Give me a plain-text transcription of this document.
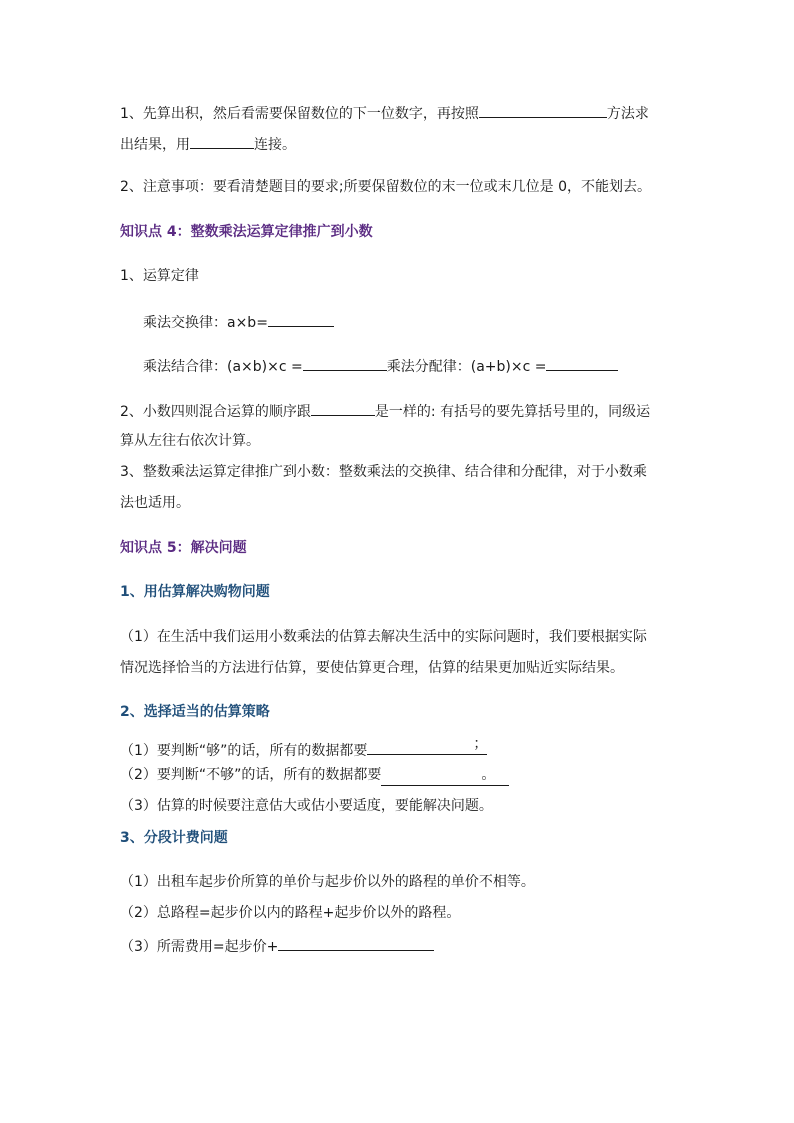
1、先算出积，然后看需要保留数位的下一位数字，再按照	方法求
出结果，用	连接。
2、注意事项：要看清楚题目的要求;所要保留数位的末一位或末几位是 0，不能划去。
知识点 4：整数乘法运算定律推广到小数
1、运算定律
乘法交换律：a×b=
乘法结合律：(a×b)×c =	乘法分配律：(a+b)×c =
2、小数四则混合运算的顺序跟	是一样的: 有括号的要先算括号里的，同级运
算从左往右依次计算。
3、整数乘法运算定律推广到小数：整数乘法的交换律、结合律和分配律，对于小数乘
法也适用。
知识点 5：解决问题
1、用估算解决购物问题
（1）在生活中我们运用小数乘法的估算去解决生活中的实际问题时，我们要根据实际
情况选择恰当的方法进行估算，要使估算更合理，估算的结果更加贴近实际结果。
2、选择适当的估算策略
（1）要判断“够”的话，所有的数据都要	；
（2）要判断“不够”的话，所有的数据都要	。
（3）估算的时候要注意估大或估小要适度，要能解决问题。
3、分段计费问题
（1）出租车起步价所算的单价与起步价以外的路程的单价不相等。
（2）总路程=起步价以内的路程+起步价以外的路程。
（3）所需费用=起步价+
